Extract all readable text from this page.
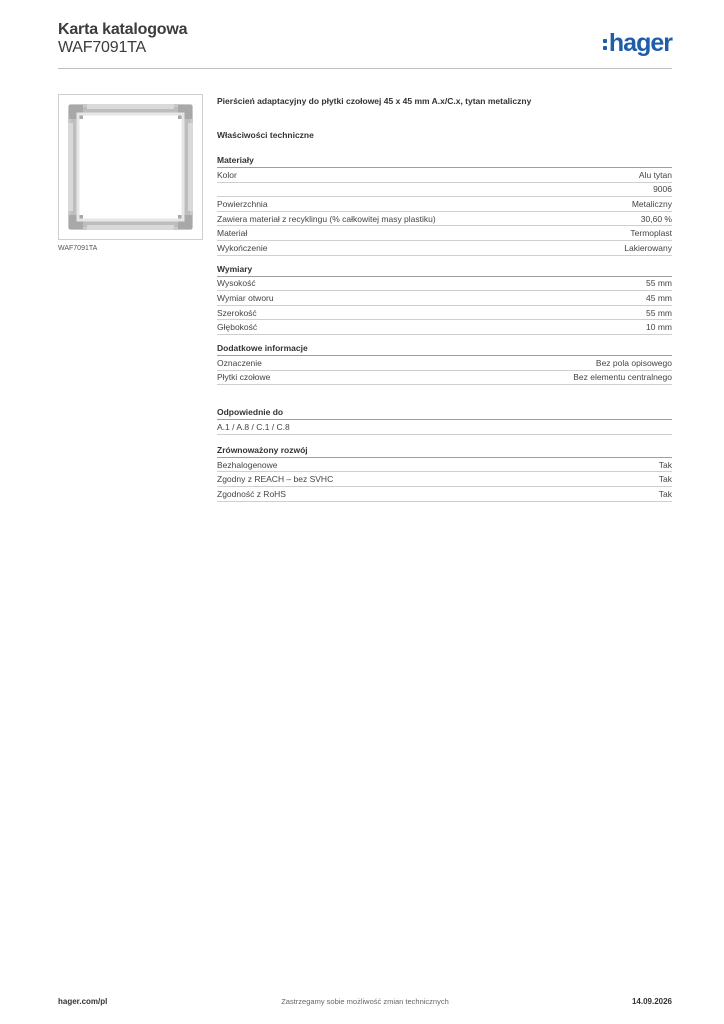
Karta katalogowa
WAF7091TA	hager
WAF7091TA
Pierścień adaptacyjny do płytki czołowej 45 x 45 mm A.x/C.x, tytan metaliczny
Właściwości techniczne
Materiały
Kolor	Alu tytan
9006
Powierzchnia	Metaliczny
Zawiera materiał z recyklingu (% całkowitej masy plastiku)	30,60 %
Materiał	Termoplast
Wykończenie	Lakierowany
Wymiary
Wysokość	55 mm
Wymiar otworu	45 mm
Szerokość	55 mm
Głębokość	10 mm
Dodatkowe informacje
Oznaczenie	Bez pola opisowego
Płytki czołowe	Bez elementu centralnego
Odpowiednie do
A.1 / A.8 / C.1 / C.8
Zrównoważony rozwój
Bezhalogenowe	Tak
Zgodny z REACH – bez SVHC	Tak
Zgodność z RoHS	Tak
Zastrzegamy sobie możliwość zmian technicznych
hager.com/pl	14.09.2026
